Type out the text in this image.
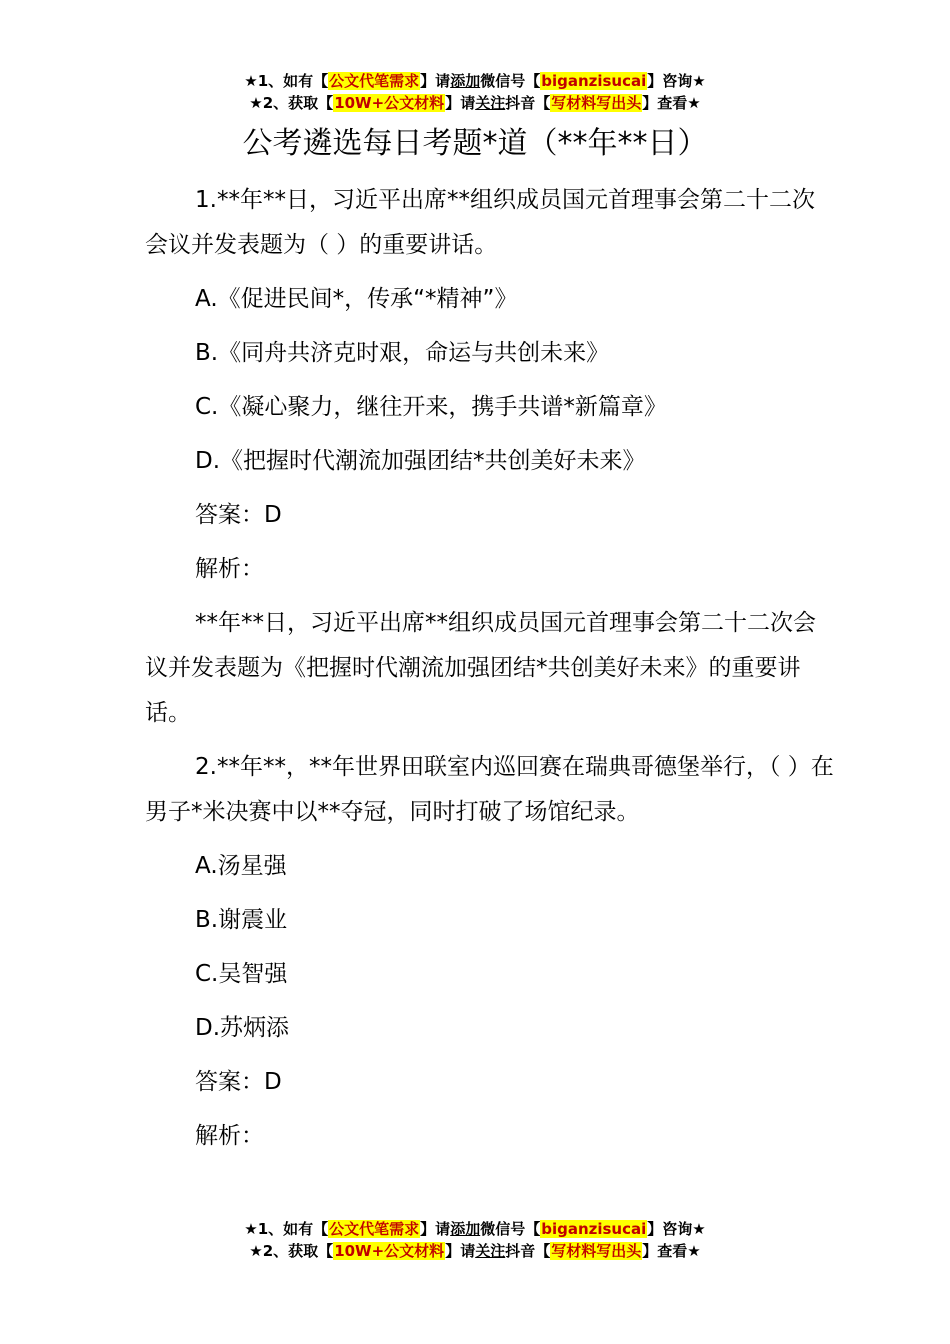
★1、如有【公文代笔需求】请添加微信号【biganzisucai】咨询★
★2、获取【10W+公文材料】请关注抖音【写材料写出头】查看★
公考遴选每日考题*道（**年**日）

1.**年**日，习近平出席**组织成员国元首理事会第二十二次会议并发表题为（ ）的重要讲话。

A.《促进民间*，传承“*精神”》

B.《同舟共济克时艰，命运与共创未来》

C.《凝心聚力，继往开来，携手共谱*新篇章》

D.《把握时代潮流加强团结*共创美好未来》

答案：D

解析：

**年**日，习近平出席**组织成员国元首理事会第二十二次会议并发表题为《把握时代潮流加强团结*共创美好未来》的重要讲话。

2.**年**，**年世界田联室内巡回赛在瑞典哥德堡举行，（ ）在男子*米决赛中以**夺冠，同时打破了场馆纪录。

A.汤星强

B.谢震业

C.吴智强

D.苏炳添

答案：D

解析：

★1、如有【公文代笔需求】请添加微信号【biganzisucai】咨询★
★2、获取【10W+公文材料】请关注抖音【写材料写出头】查看★
